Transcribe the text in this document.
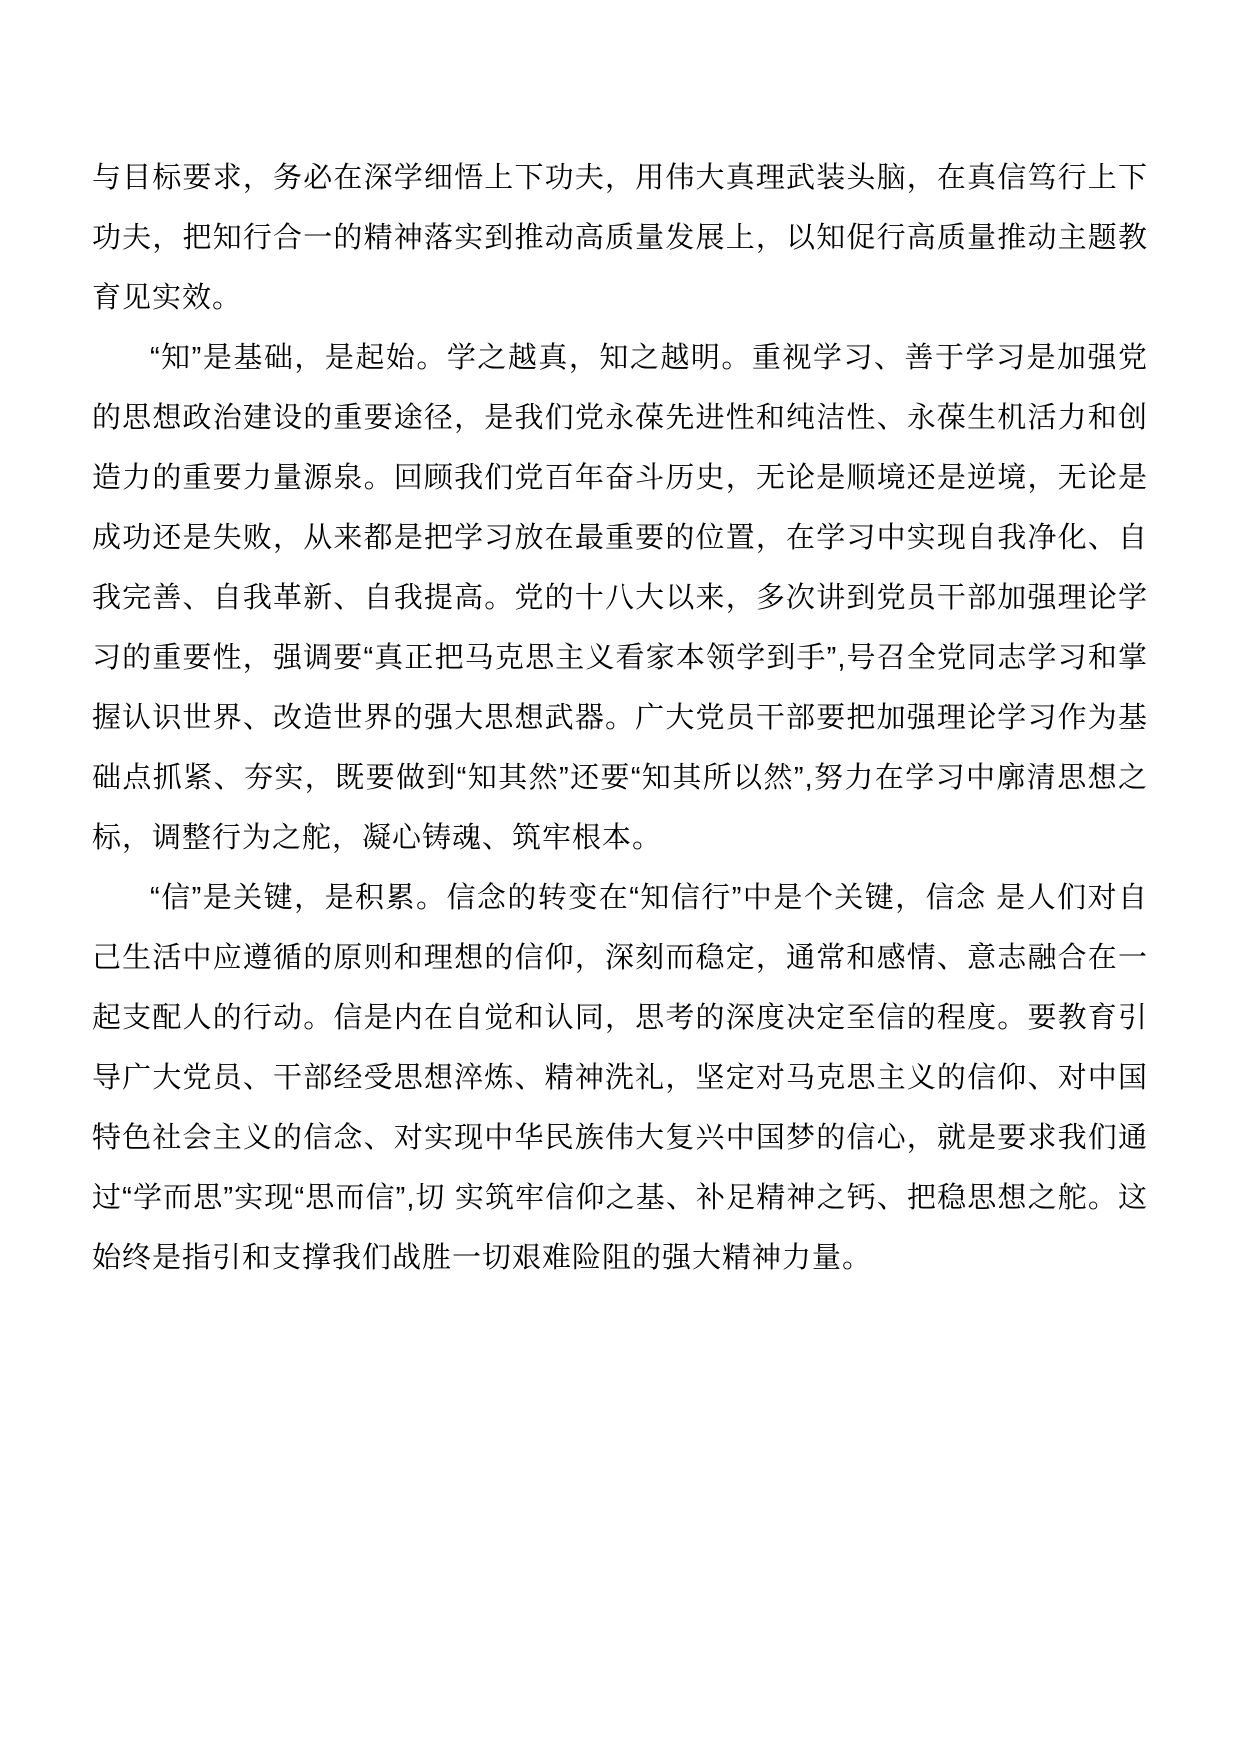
与目标要求，务必在深学细悟上下功夫，用伟大真理武装头脑，在真信笃行上下功夫，把知行合一的精神落实到推动高质量发展上，以知促行高质量推动主题教育见实效。

“知”是基础，是起始。学之越真，知之越明。重视学习、善于学习是加强党的思想政治建设的重要途径，是我们党永葆先进性和纯洁性、永葆生机活力和创造力的重要力量源泉。回顾我们党百年奋斗历史，无论是顺境还是逆境，无论是成功还是失败，从来都是把学习放在最重要的位置，在学习中实现自我净化、自我完善、自我革新、自我提高。党的十八大以来，多次讲到党员干部加强理论学习的重要性，强调要“真正把马克思主义看家本领学到手”,号召全党同志学习和掌握认识世界、改造世界的强大思想武器。广大党员干部要把加强理论学习作为基础点抓紧、夯实，既要做到“知其然”还要“知其所以然”,努力在学习中廓清思想之标，调整行为之舵，凝心铸魂、筑牢根本。

“信”是关键，是积累。信念的转变在“知信行”中是个关键，信念 是人们对自己生活中应遵循的原则和理想的信仰，深刻而稳定，通常和感情、意志融合在一起支配人的行动。信是内在自觉和认同，思考的深度决定至信的程度。要教育引导广大党员、干部经受思想淬炼、精神洗礼，坚定对马克思主义的信仰、对中国特色社会主义的信念、对实现中华民族伟大复兴中国梦的信心，就是要求我们通过“学而思”实现“思而信”,切 实筑牢信仰之基、补足精神之钙、把稳思想之舵。这始终是指引和支撑我们战胜一切艰难险阻的强大精神力量。
